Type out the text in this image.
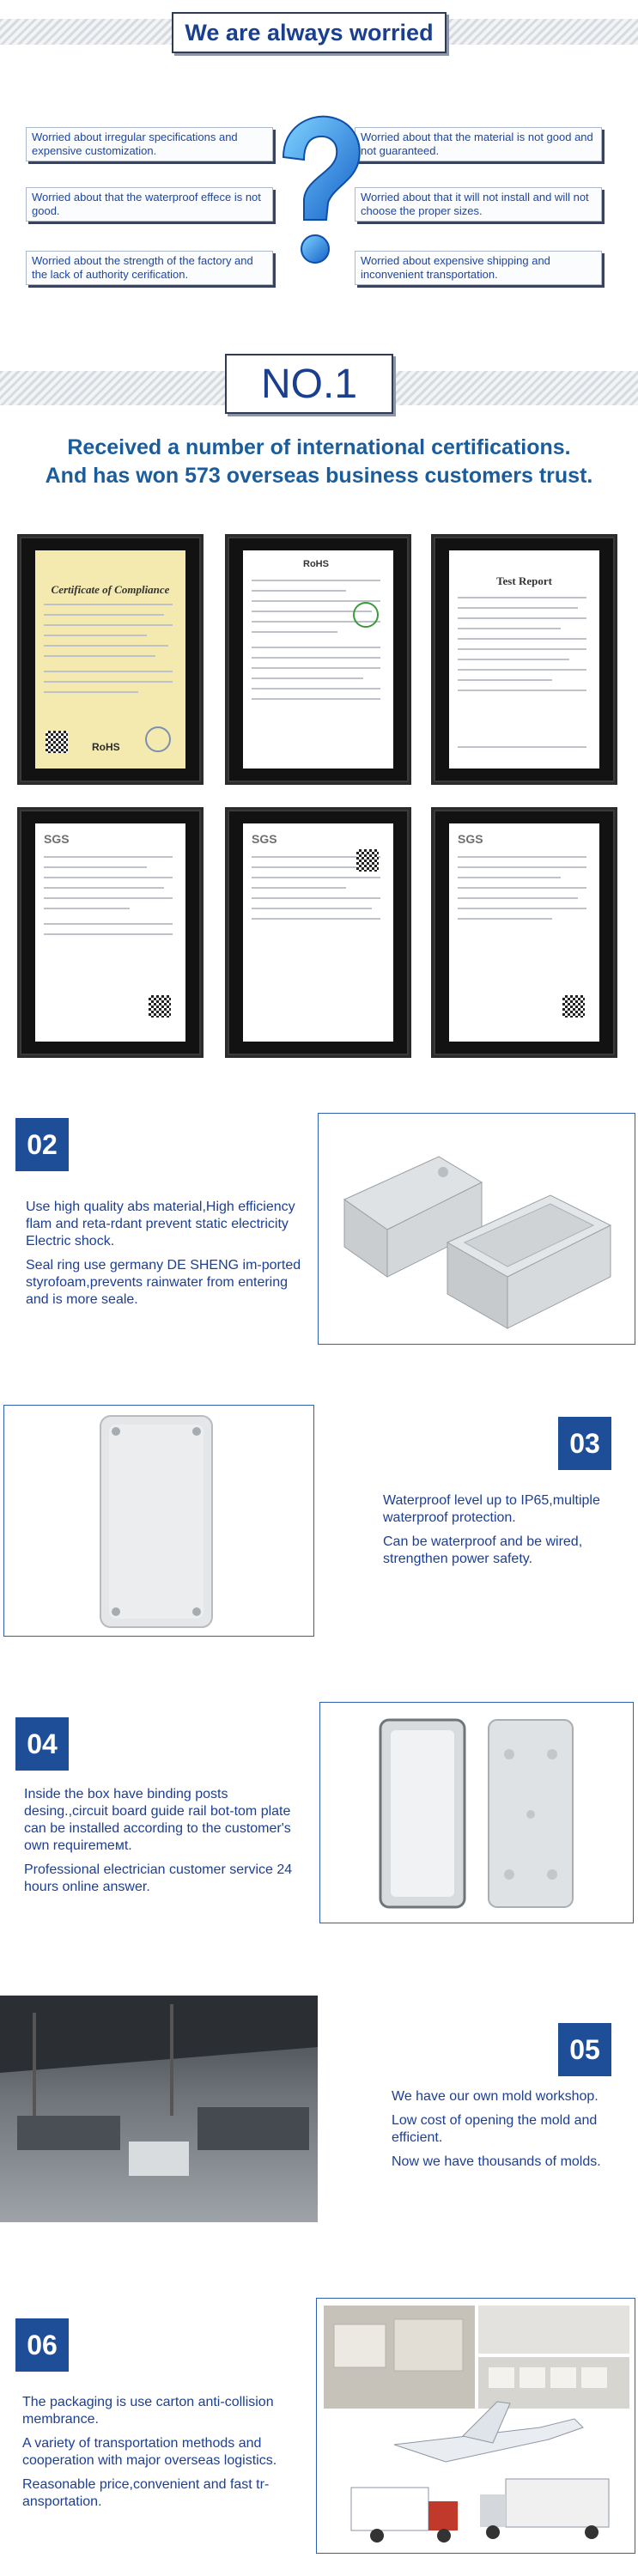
We are always worried
Worried about irregular specifications and expensive customization.
Worried about that the waterproof effece is not good.
Worried about the strength of the factory and the lack of authority cerification.
Worried about that the material is not good and not guaranteed.
Worried about that it will not install and will not choose the proper sizes.
Worried about expensive shipping and inconvenient transportation.
NO.1
Received a number of international certifications.
And has won 573 overseas business customers trust.
Certificate of Compliance
RoHS
RoHS
Test Report
SGS	SGS	SGS
02

Use high quality abs material,High efficiency flam and reta-rdant prevent static electricity Electric shock.

Seal ring use germany DE SHENG im-ported styrofoam,prevents rainwater from entering and is more seale.

03

Waterproof level up to IP65,multiple waterproof protection.

Can be waterproof and be wired, strengthen power safety.

04

Inside the box have binding posts desing.,circuit board guide rail bot-tom plate can be installed according to the customer's own requiremeмt.

Professional electrician customer service 24 hours online answer.

05

We have our own mold workshop.

Low cost of opening the mold and efficient.

Now we have thousands of molds.

06

The packaging is use carton anti-collision membrance.

A variety of transportation methods and cooperation with major overseas logistics.

Reasonable price,convenient and fast tr-ansportation.
